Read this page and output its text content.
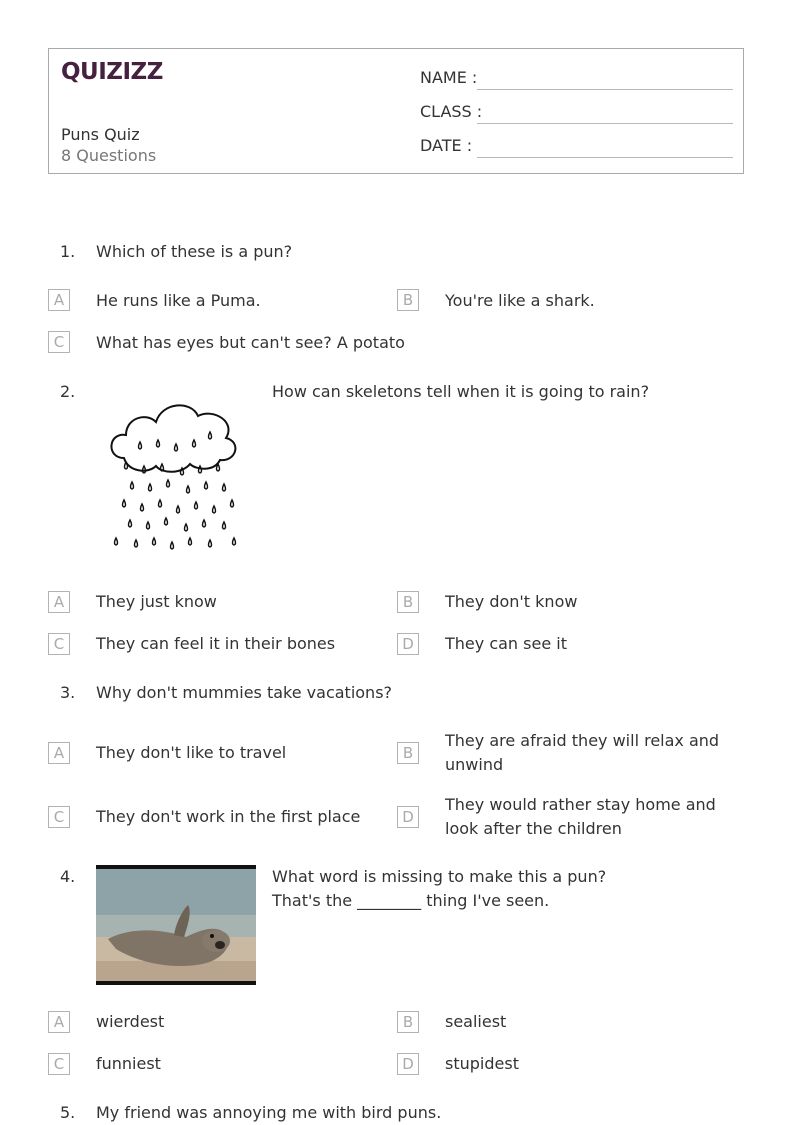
QUIZIZZ
Puns Quiz
8 Questions
NAME :
CLASS :
DATE :
1. Which of these is a pun?
A	He runs like a Puma.	B	You're like a shark.
C	What has eyes but can't see? A potato
2.	How can skeletons tell when it is going to rain?
A	They just know	B	They don't know
C	They can feel it in their bones	D	They can see it
3. Why don't mummies take vacations?
A	They don't like to travel	B
They are afraid they will relax and unwind
C	They don't work in the first place	D
They would rather stay home and look after the children
4.	What word is missing to make this a pun?
That's the ________ thing I've seen.
A	wierdest	B	sealiest
C	funniest	D	stupidest
5. My friend was annoying me with bird puns.
